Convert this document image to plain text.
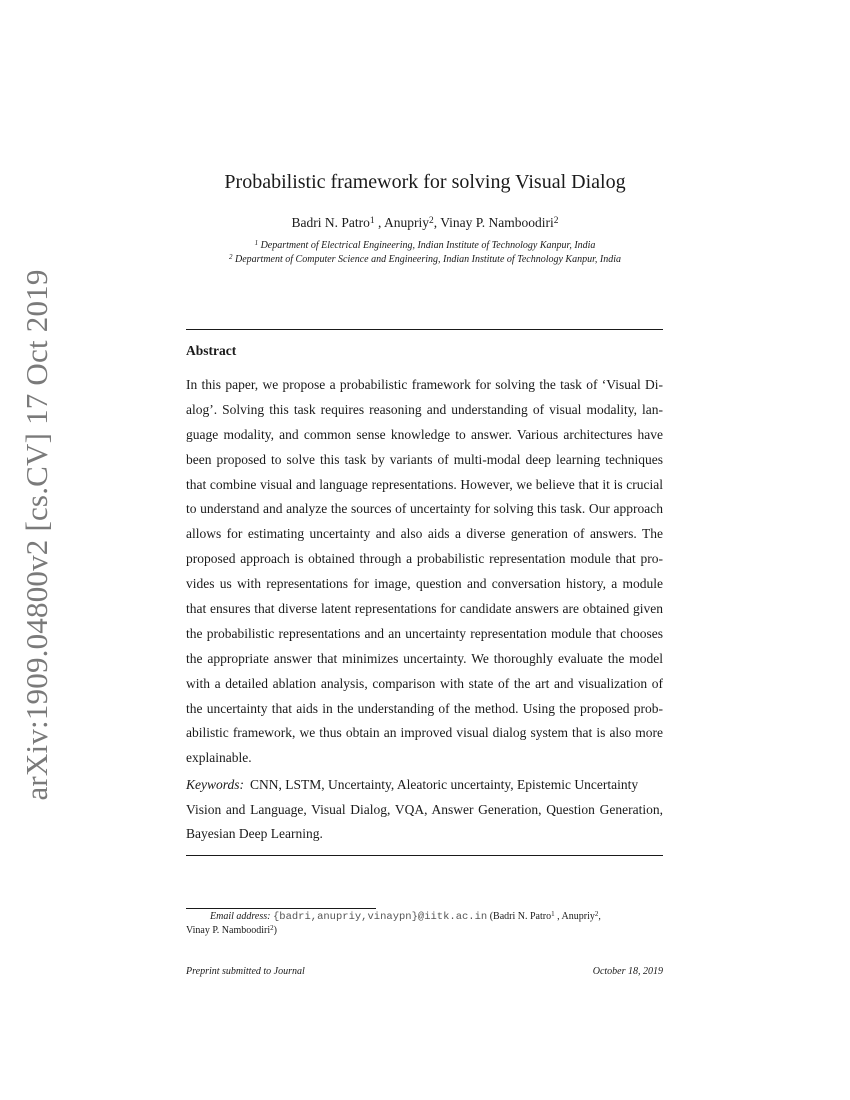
arXiv:1909.04800v2 [cs.CV] 17 Oct 2019
Probabilistic framework for solving Visual Dialog
Badri N. Patro$^1$ , Anupriy$^2$, Vinay P. Namboodiri$^2$
$^1$ Department of Electrical Engineering, Indian Institute of Technology Kanpur, India
$^2$ Department of Computer Science and Engineering, Indian Institute of Technology Kanpur, India
Abstract
In this paper, we propose a probabilistic framework for solving the task of ‘Visual Di-
alog’. Solving this task requires reasoning and understanding of visual modality, lan-
guage modality, and common sense knowledge to answer. Various architectures have
been proposed to solve this task by variants of multi-modal deep learning techniques
that combine visual and language representations. However, we believe that it is crucial
to understand and analyze the sources of uncertainty for solving this task. Our approach
allows for estimating uncertainty and also aids a diverse generation of answers. The
proposed approach is obtained through a probabilistic representation module that pro-
vides us with representations for image, question and conversation history, a module
that ensures that diverse latent representations for candidate answers are obtained given
the probabilistic representations and an uncertainty representation module that chooses
the appropriate answer that minimizes uncertainty. We thoroughly evaluate the model
with a detailed ablation analysis, comparison with state of the art and visualization of
the uncertainty that aids in the understanding of the method. Using the proposed prob-
abilistic framework, we thus obtain an improved visual dialog system that is also more
explainable.
Keywords: CNN, LSTM, Uncertainty, Aleatoric uncertainty, Epistemic Uncertainty
Vision and Language, Visual Dialog, VQA, Answer Generation, Question Generation,
Bayesian Deep Learning.
Email address: {badri,anupriy,vinaypn}@iitk.ac.in (Badri N. Patro$^1$ , Anupriy$^2$,
Vinay P. Namboodiri$^2$)
Preprint submitted to Journal	October 18, 2019
